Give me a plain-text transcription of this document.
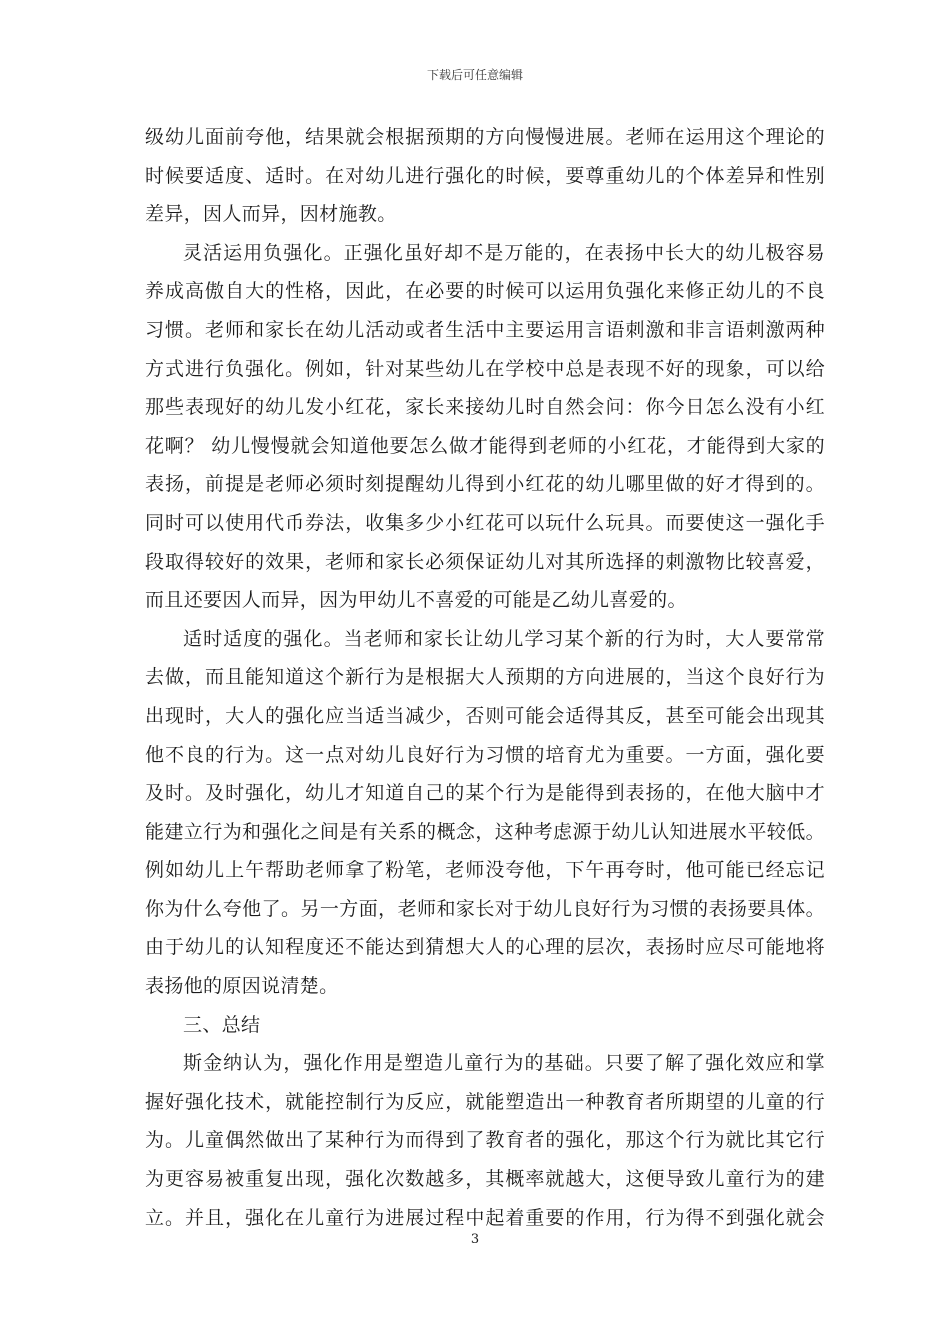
下载后可任意编辑
级幼儿面前夸他，结果就会根据预期的方向慢慢进展。老师在运用这个理论的
时候要适度、适时。在对幼儿进行强化的时候，要尊重幼儿的个体差异和性别
差异，因人而异，因材施教。
灵活运用负强化。正强化虽好却不是万能的，在表扬中长大的幼儿极容易
养成高傲自大的性格，因此，在必要的时候可以运用负强化来修正幼儿的不良
习惯。老师和家长在幼儿活动或者生活中主要运用言语刺激和非言语刺激两种
方式进行负强化。例如，针对某些幼儿在学校中总是表现不好的现象，可以给
那些表现好的幼儿发小红花，家长来接幼儿时自然会问：你今日怎么没有小红
花啊？ 幼儿慢慢就会知道他要怎么做才能得到老师的小红花，才能得到大家的
表扬，前提是老师必须时刻提醒幼儿得到小红花的幼儿哪里做的好才得到的。
同时可以使用代币券法，收集多少小红花可以玩什么玩具。而要使这一强化手
段取得较好的效果，老师和家长必须保证幼儿对其所选择的刺激物比较喜爱，
而且还要因人而异，因为甲幼儿不喜爱的可能是乙幼儿喜爱的。
适时适度的强化。当老师和家长让幼儿学习某个新的行为时，大人要常常
去做，而且能知道这个新行为是根据大人预期的方向进展的，当这个良好行为
出现时，大人的强化应当适当减少，否则可能会适得其反，甚至可能会出现其
他不良的行为。这一点对幼儿良好行为习惯的培育尤为重要。一方面，强化要
及时。及时强化，幼儿才知道自己的某个行为是能得到表扬的，在他大脑中才
能建立行为和强化之间是有关系的概念，这种考虑源于幼儿认知进展水平较低。
例如幼儿上午帮助老师拿了粉笔，老师没夸他，下午再夸时，他可能已经忘记
你为什么夸他了。另一方面，老师和家长对于幼儿良好行为习惯的表扬要具体。
由于幼儿的认知程度还不能达到猜想大人的心理的层次，表扬时应尽可能地将
表扬他的原因说清楚。
三、总结
斯金纳认为，强化作用是塑造儿童行为的基础。只要了解了强化效应和掌
握好强化技术，就能控制行为反应，就能塑造出一种教育者所期望的儿童的行
为。儿童偶然做出了某种行为而得到了教育者的强化，那这个行为就比其它行
为更容易被重复出现，强化次数越多，其概率就越大，这便导致儿童行为的建
立。并且，强化在儿童行为进展过程中起着重要的作用，行为得不到强化就会
3
